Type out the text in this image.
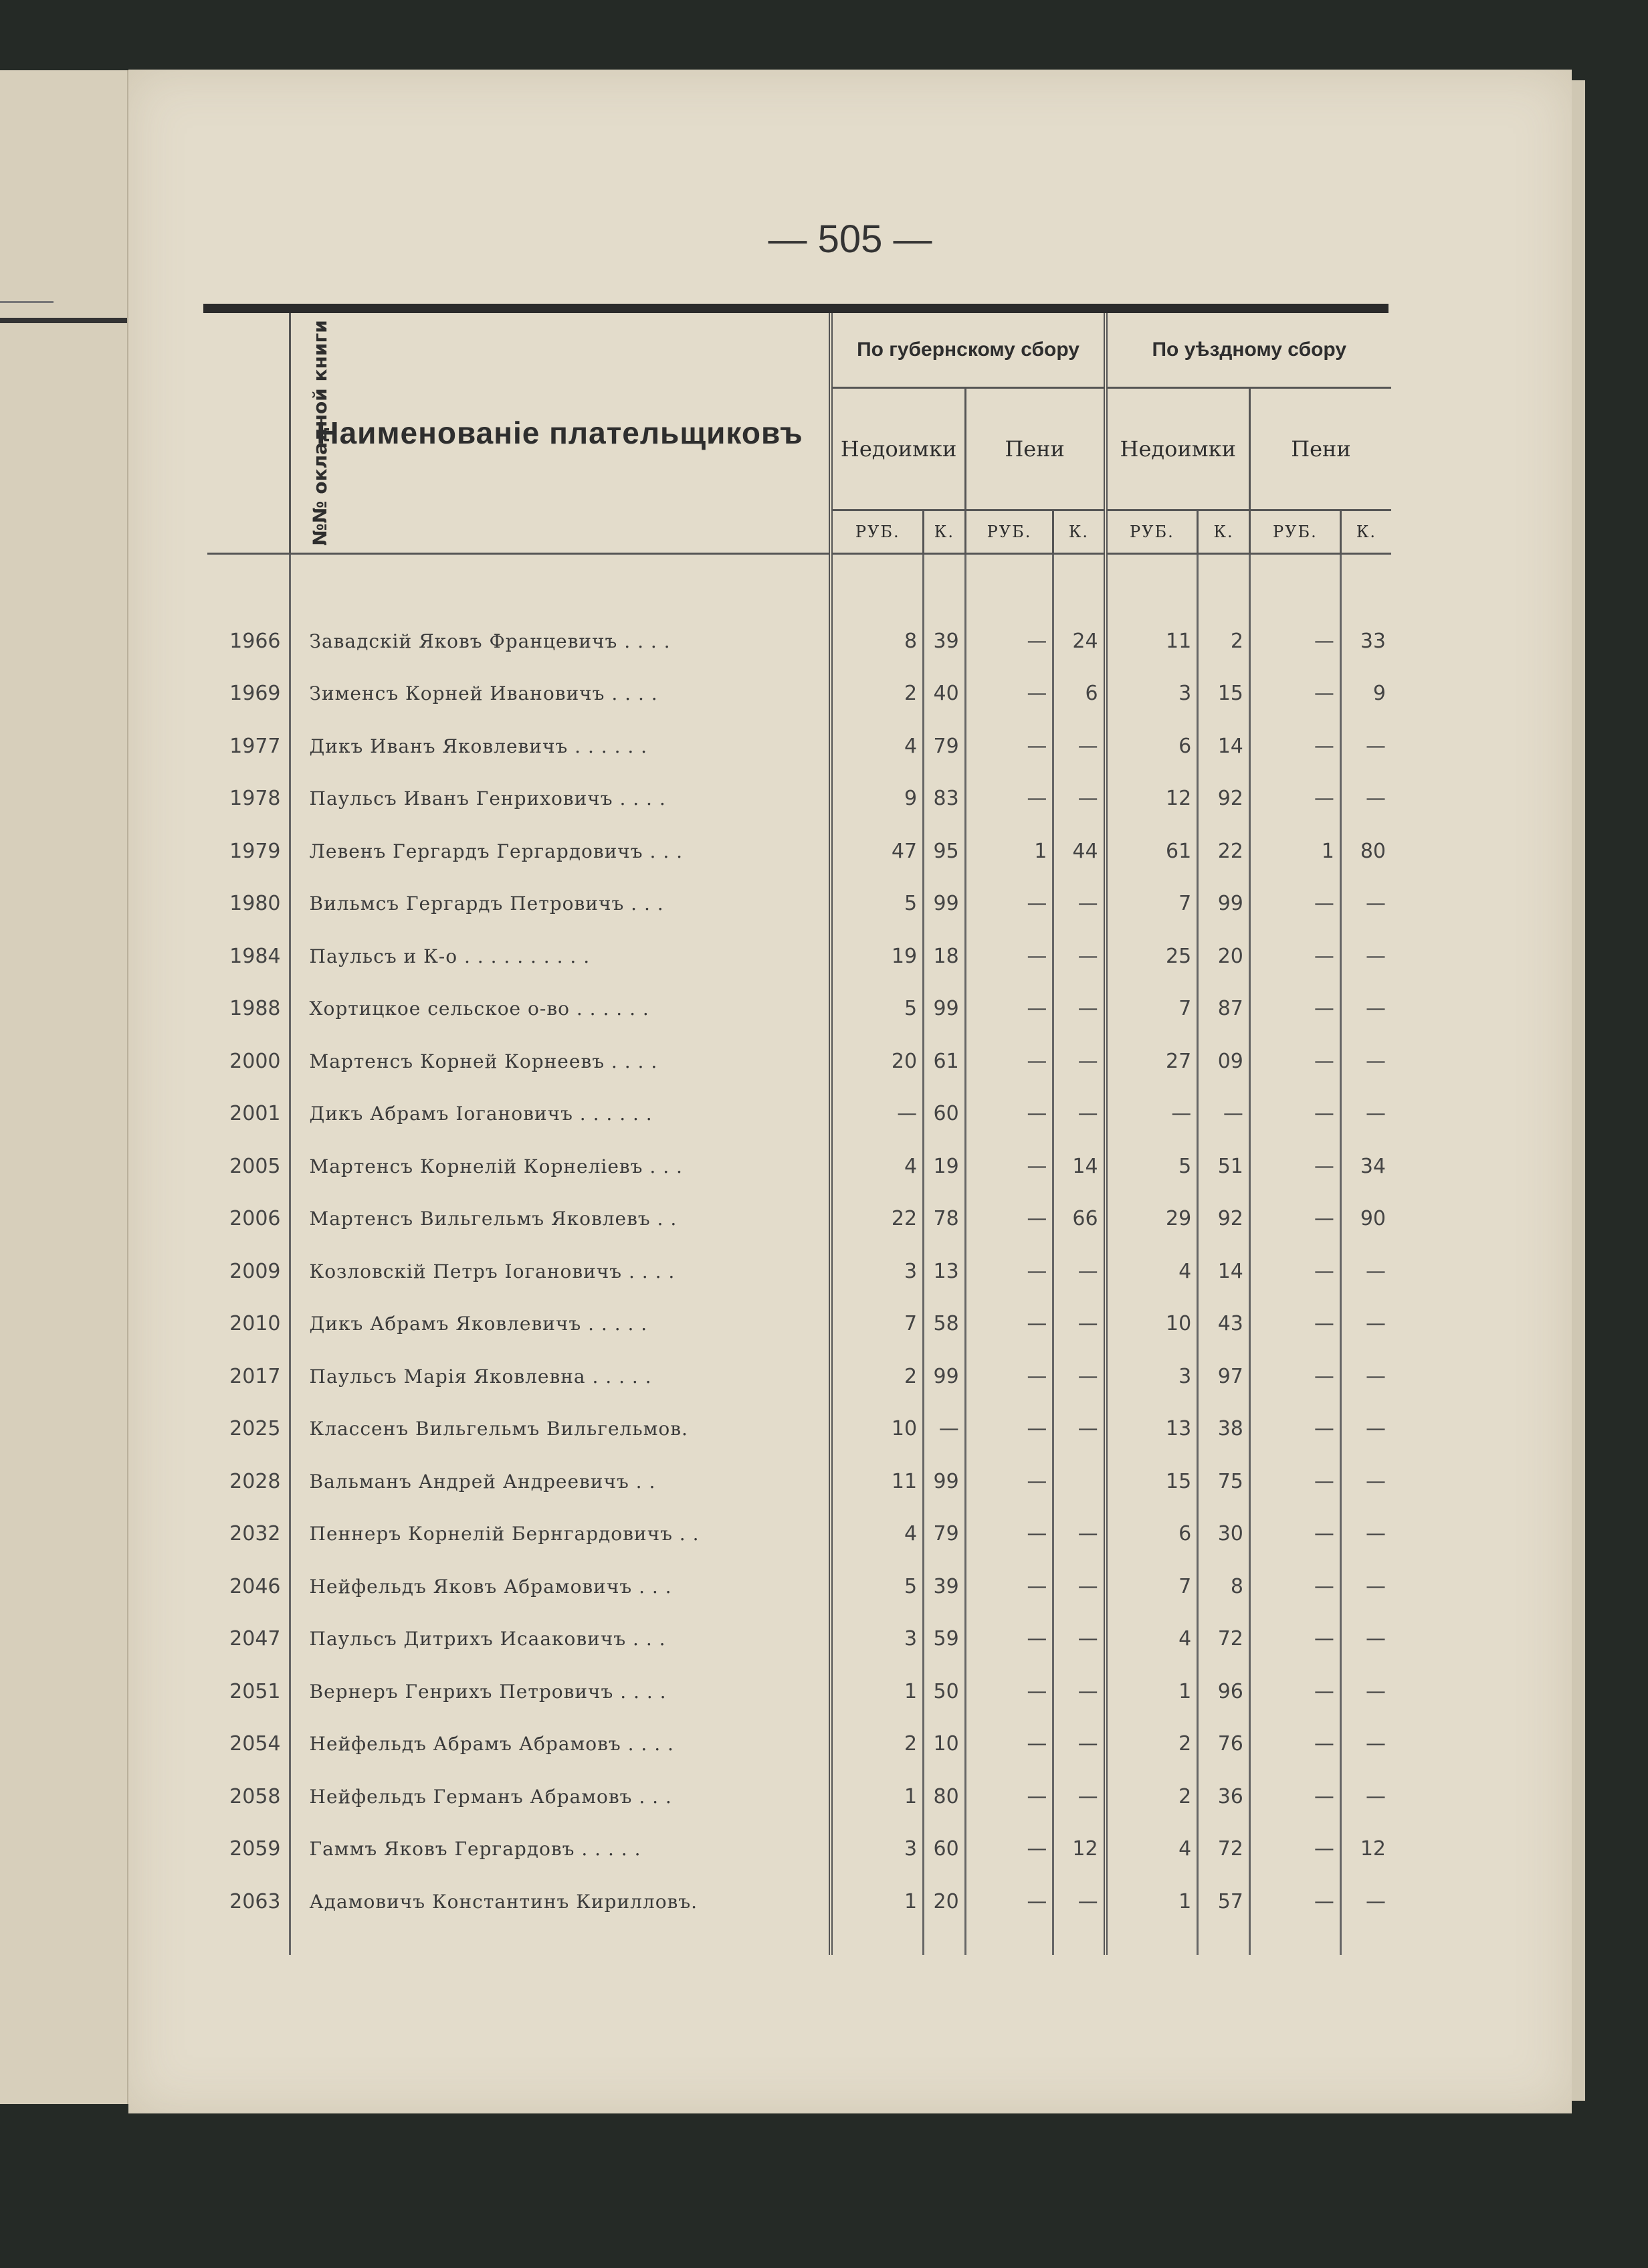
— 505 —
№№ окладной книги	Наименованіе плательщиковъ	По губернскому сбору				По уѣздному сбору			
		Недоимки		Пени		Недоимки		Пени	
		РУБ.	К.	РУБ.	К.	РУБ.	К.	РУБ.	К.

1966	Завадскій Яковъ Францевичъ . . . .	8	39	—	24	11	2	—	33
1969	Зименсъ Корней Ивановичъ . . . .	2	40	—	6	3	15	—	9
1977	Дикъ Иванъ Яковлевичъ . . . . . .	4	79	—	—	6	14	—	—
1978	Паульсъ Иванъ Генриховичъ . . . .	9	83	—	—	12	92	—	—
1979	Левенъ Гергардъ Гергардовичъ . . .	47	95	1	44	61	22	1	80
1980	Вильмсъ Гергардъ Петровичъ . . .	5	99	—	—	7	99	—	—
1984	Паульсъ и К-о . . . . . . . . . .	19	18	—	—	25	20	—	—
1988	Хортицкое сельское о-во . . . . . .	5	99	—	—	7	87	—	—
2000	Мартенсъ Корней Корнеевъ . . . .	20	61	—	—	27	09	—	—
2001	Дикъ Абрамъ Іогановичъ . . . . . .	—	60	—	—	—	—	—	—
2005	Мартенсъ Корнелій Корнеліевъ . . .	4	19	—	14	5	51	—	34
2006	Мартенсъ Вильгельмъ Яковлевъ . .	22	78	—	66	29	92	—	90
2009	Козловскій Петръ Іогановичъ . . . .	3	13	—	—	4	14	—	—
2010	Дикъ Абрамъ Яковлевичъ . . . . .	7	58	—	—	10	43	—	—
2017	Паульсъ Марія Яковлевна . . . . .	2	99	—	—	3	97	—	—
2025	Классенъ Вильгельмъ Вильгельмов.	10	—	—	—	13	38	—	—
2028	Вальманъ Андрей Андреевичъ . .	11	99	—		15	75	—	—
2032	Пеннеръ Корнелій Бернгардовичъ . .	4	79	—	—	6	30	—	—
2046	Нейфельдъ Яковъ Абрамовичъ . . .	5	39	—	—	7	8	—	—
2047	Паульсъ Дитрихъ Исааковичъ . . .	3	59	—	—	4	72	—	—
2051	Вернеръ Генрихъ Петровичъ . . . .	1	50	—	—	1	96	—	—
2054	Нейфельдъ Абрамъ Абрамовъ . . . .	2	10	—	—	2	76	—	—
2058	Нейфельдъ Германъ Абрамовъ . . .	1	80	—	—	2	36	—	—
2059	Гаммъ Яковъ Гергардовъ . . . . .	3	60	—	12	4	72	—	12
2063	Адамовичъ Константинъ Кирилловъ.	1	20	—	—	1	57	—	—
